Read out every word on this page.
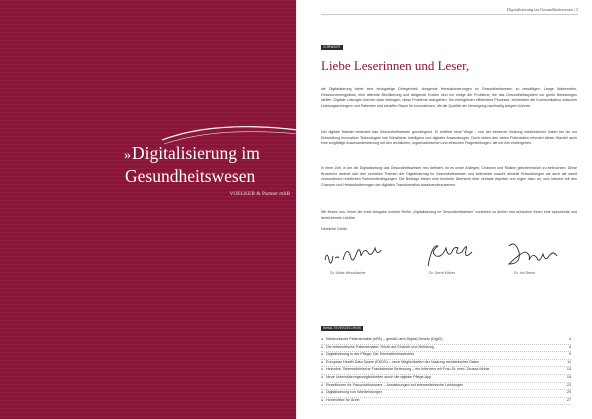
»Digitalisierung im
Gesundheitswesen
VOELKER & Partner mbB
Digitalisierung im Gesundheitswesen | 3
VORWORT
Liebe Leserinnen und Leser,

die Digitalisierung bietet eine einzigartige Gelegenheit, dringende Herausforderungen im Gesundheitswesen zu bewältigen. Lange Wartezeiten, Ressourcenengpässe, eine alternde Bevölkerung und steigende Kosten sind nur einige der Probleme, die das Gesundheitssystem vor große Belastungen stellen. Digitale Lösungen können dazu beitragen, diese Probleme anzugehen. Sie ermöglichen effizientere Prozesse, verbessern die Kommunikation zwischen Leistungserbringern und Patienten und schaffen Raum für Innovationen, die die Qualität der Versorgung nachhaltig steigern können.

Der digitale Wandel verändert das Gesundheitswesen grundlegend. Er eröffnet neue Wege – von der besseren Nutzung medizinischer Daten bis hin zur Entwicklung innovativer Technologien wie Künstlicher Intelligenz und digitaler Anwendungen. Doch neben den vielen Potenzialen erfordert dieser Wandel auch eine sorgfältige Auseinandersetzung mit den rechtlichen, organisatorischen und ethischen Fragestellungen, die mit ihm einhergehen.

In einer Zeit, in der die Digitalisierung das Gesundheitswesen neu definiert, ist es unser Anliegen, Chancen und Risiken gleichermaßen zu beleuchten. Diese Broschüre widmet sich den zentralen Themen der Digitalisierung im Gesundheitswesen und beleuchtet sowohl aktuelle Entwicklungen als auch die damit verbundenen rechtlichen Rahmenbedingungen. Die Beiträge bieten eine fundierte Übersicht über zentrale Aspekte und regen dazu an, sich intensiv mit den Chancen und Herausforderungen der digitalen Transformation auseinanderzusetzen.

Wir freuen uns, Ihnen die erste Ausgabe unserer Reihe „Digitalisierung im Gesundheitswesen“ vorstellen zu dürfen und wünschen Ihnen eine spannende und bereichernde Lektüre.

Herzliche Grüße

Dr. Ulrike Wrocklacher	Dr. Gerrit Kötzer	Dr. Irol Demir
INHALTSVERZEICHNIS
► Elektronische Patientenakte (ePA) – gemäß dem Digital-Gesetz (DigiG)	4
► Die telekinetische Patientenakte: Recht auf Einsicht und Befüllung	6
► Digitalisierung in der Pflege: Die Telematikinfrastruktur	9
► European Health Data Space (EHDS) – neue Möglichkeiten der Nutzung medizinischer Daten	11
► Heimdos: Telemedizinische Fraudstrecke Betreuung – ein Interview mit Frau Dr. med. Zsuzsa Mohle	13
► Neue Unterstützungsmöglichkeiten durch die digitale Pflege-App	15
► Rezeiltionen für Pauschalhonorare – Auswirkungen auf telemedizinische Leistungen	23
► Digitalisierung von Wahlleistungen	25
► Homeoffice für Ärzte	27
